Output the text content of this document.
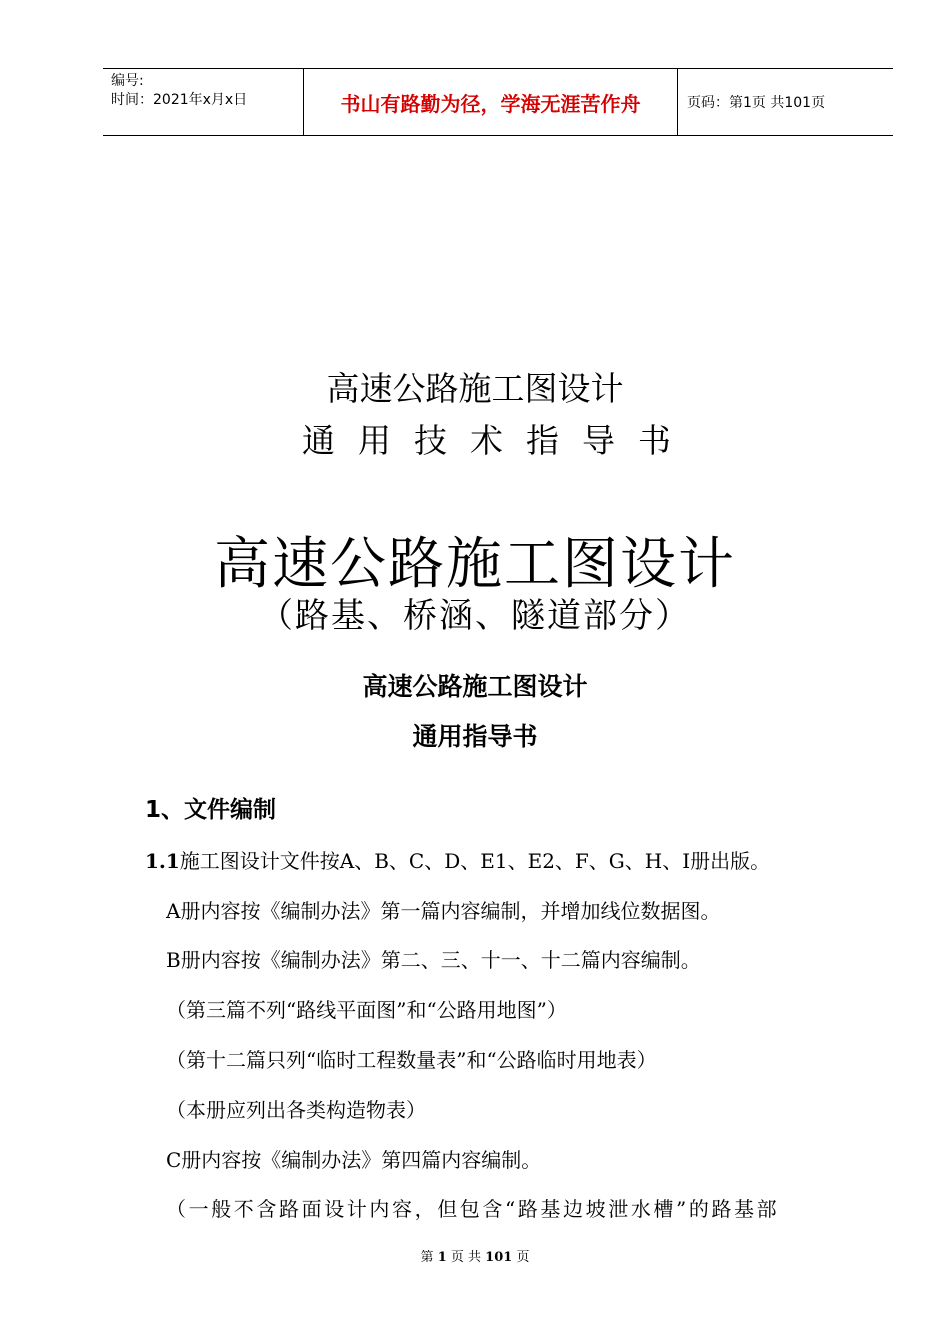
编号:
时间：2021年x月x日	书山有路勤为径，学海无涯苦作舟	页码：第1页 共101页
高速公路施工图设计
通用技术指导书
高速公路施工图设计
（路基、桥涵、隧道部分）
高速公路施工图设计
通用指导书
1、文件编制
1.1施工图设计文件按A、B、C、D、E1、E2、F、G、H、I册出版。
A册内容按《编制办法》第一篇内容编制，并增加线位数据图。
B册内容按《编制办法》第二、三、十一、十二篇内容编制。
（第三篇不列“路线平面图”和“公路用地图”）
（第十二篇只列“临时工程数量表”和“公路临时用地表）
（本册应列出各类构造物表）
C册内容按《编制办法》第四篇内容编制。
（一般不含路面设计内容，但包含“路基边坡泄水槽”的路基部
第 1 页 共 101 页
